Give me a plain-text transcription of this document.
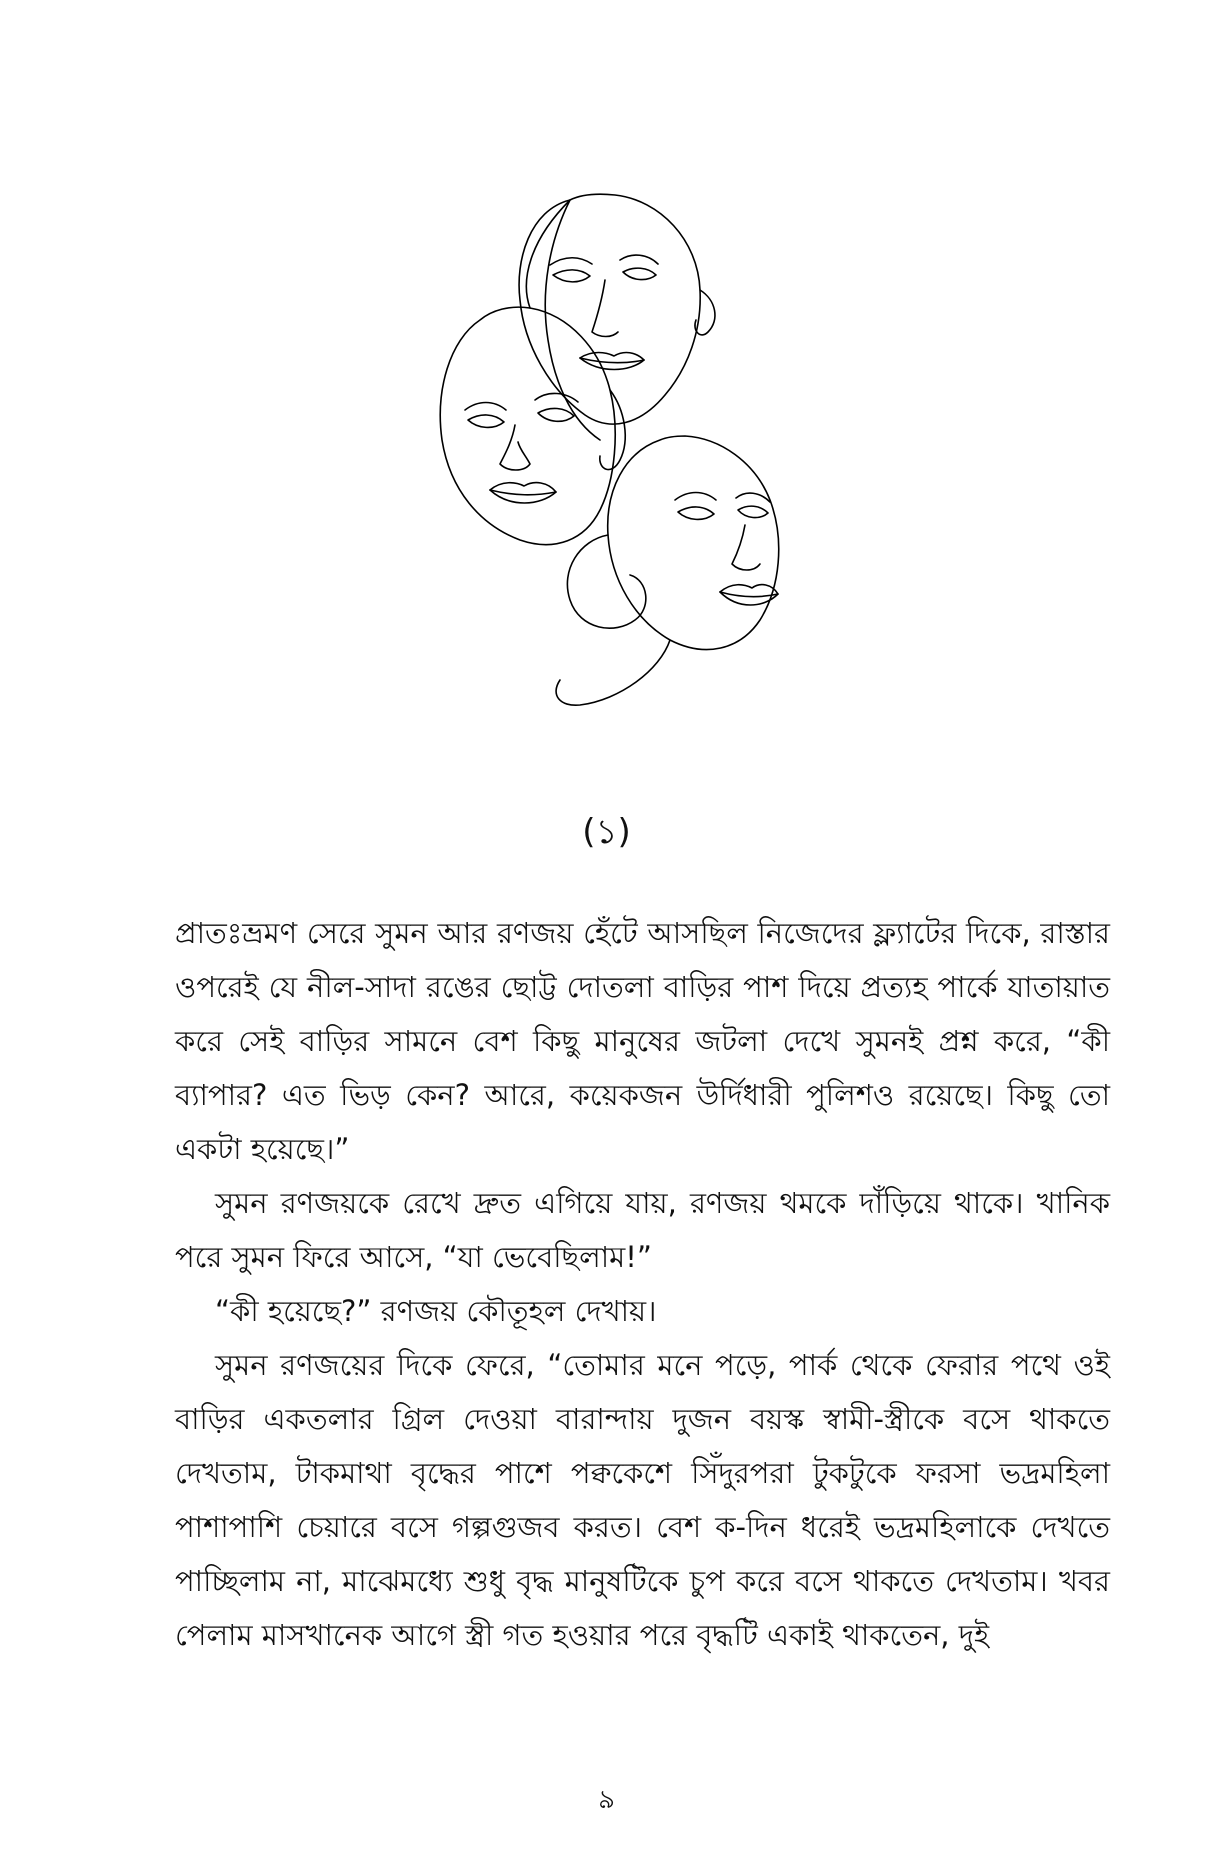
(১)

প্রাতঃভ্রমণ সেরে সুমন আর রণজয় হেঁটে আসছিল নিজেদের ফ্ল্যাটের দিকে, রাস্তার ওপরেই যে নীল-সাদা রঙের ছোট্ট দোতলা বাড়ির পাশ দিয়ে প্রত্যহ পার্কে যাতায়াত করে সেই বাড়ির সামনে বেশ কিছু মানুষের জটলা দেখে সুমনই প্রশ্ন করে, “কী ব্যাপার? এত ভিড় কেন? আরে, কয়েকজন উর্দিধারী পুলিশও রয়েছে। কিছু তো একটা হয়েছে।”

সুমন রণজয়কে রেখে দ্রুত এগিয়ে যায়, রণজয় থমকে দাঁড়িয়ে থাকে। খানিক পরে সুমন ফিরে আসে, “যা ভেবেছিলাম!”

“কী হয়েছে?” রণজয় কৌতূহল দেখায়।

সুমন রণজয়ের দিকে ফেরে, “তোমার মনে পড়ে, পার্ক থেকে ফেরার পথে ওই বাড়ির একতলার গ্রিল দেওয়া বারান্দায় দুজন বয়স্ক স্বামী-স্ত্রীকে বসে থাকতে দেখতাম, টাকমাথা বৃদ্ধের পাশে পক্বকেশে সিঁদুরপরা টুকটুকে ফরসা ভদ্রমহিলা পাশাপাশি চেয়ারে বসে গল্পগুজব করত। বেশ ক-দিন ধরেই ভদ্রমহিলাকে দেখতে পাচ্ছিলাম না, মাঝেমধ্যে শুধু বৃদ্ধ মানুষটিকে চুপ করে বসে থাকতে দেখতাম। খবর পেলাম মাসখানেক আগে স্ত্রী গত হওয়ার পরে বৃদ্ধটি একাই থাকতেন, দুই

৯
